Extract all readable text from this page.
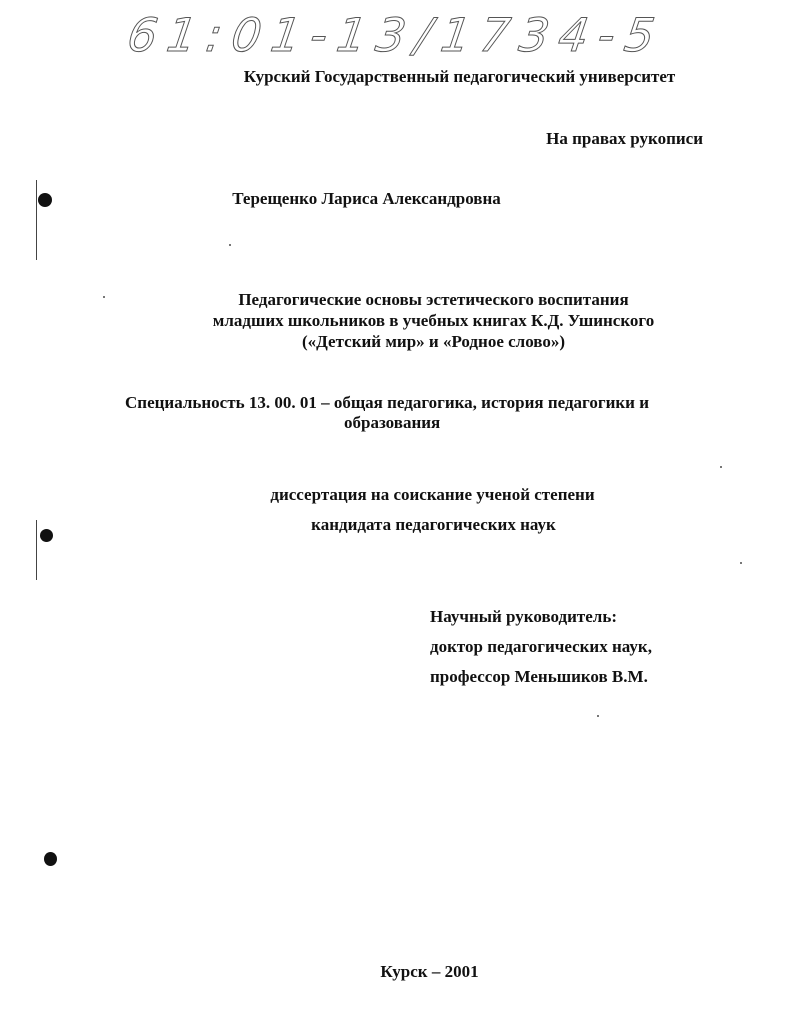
61:01-13/1734-5
Курский Государственный педагогический университет
На правах рукописи
Терещенко Лариса Александровна
Педагогические основы эстетического воспитания
младших школьников в учебных книгах К.Д. Ушинского
(«Детский мир» и «Родное слово»)
Специальность 13. 00. 01 – общая педагогика, история педагогики и
образования
диссертация на соискание ученой степени
кандидата педагогических наук
Научный руководитель:
доктор педагогических наук,
профессор Меньшиков В.М.
Курск – 2001
